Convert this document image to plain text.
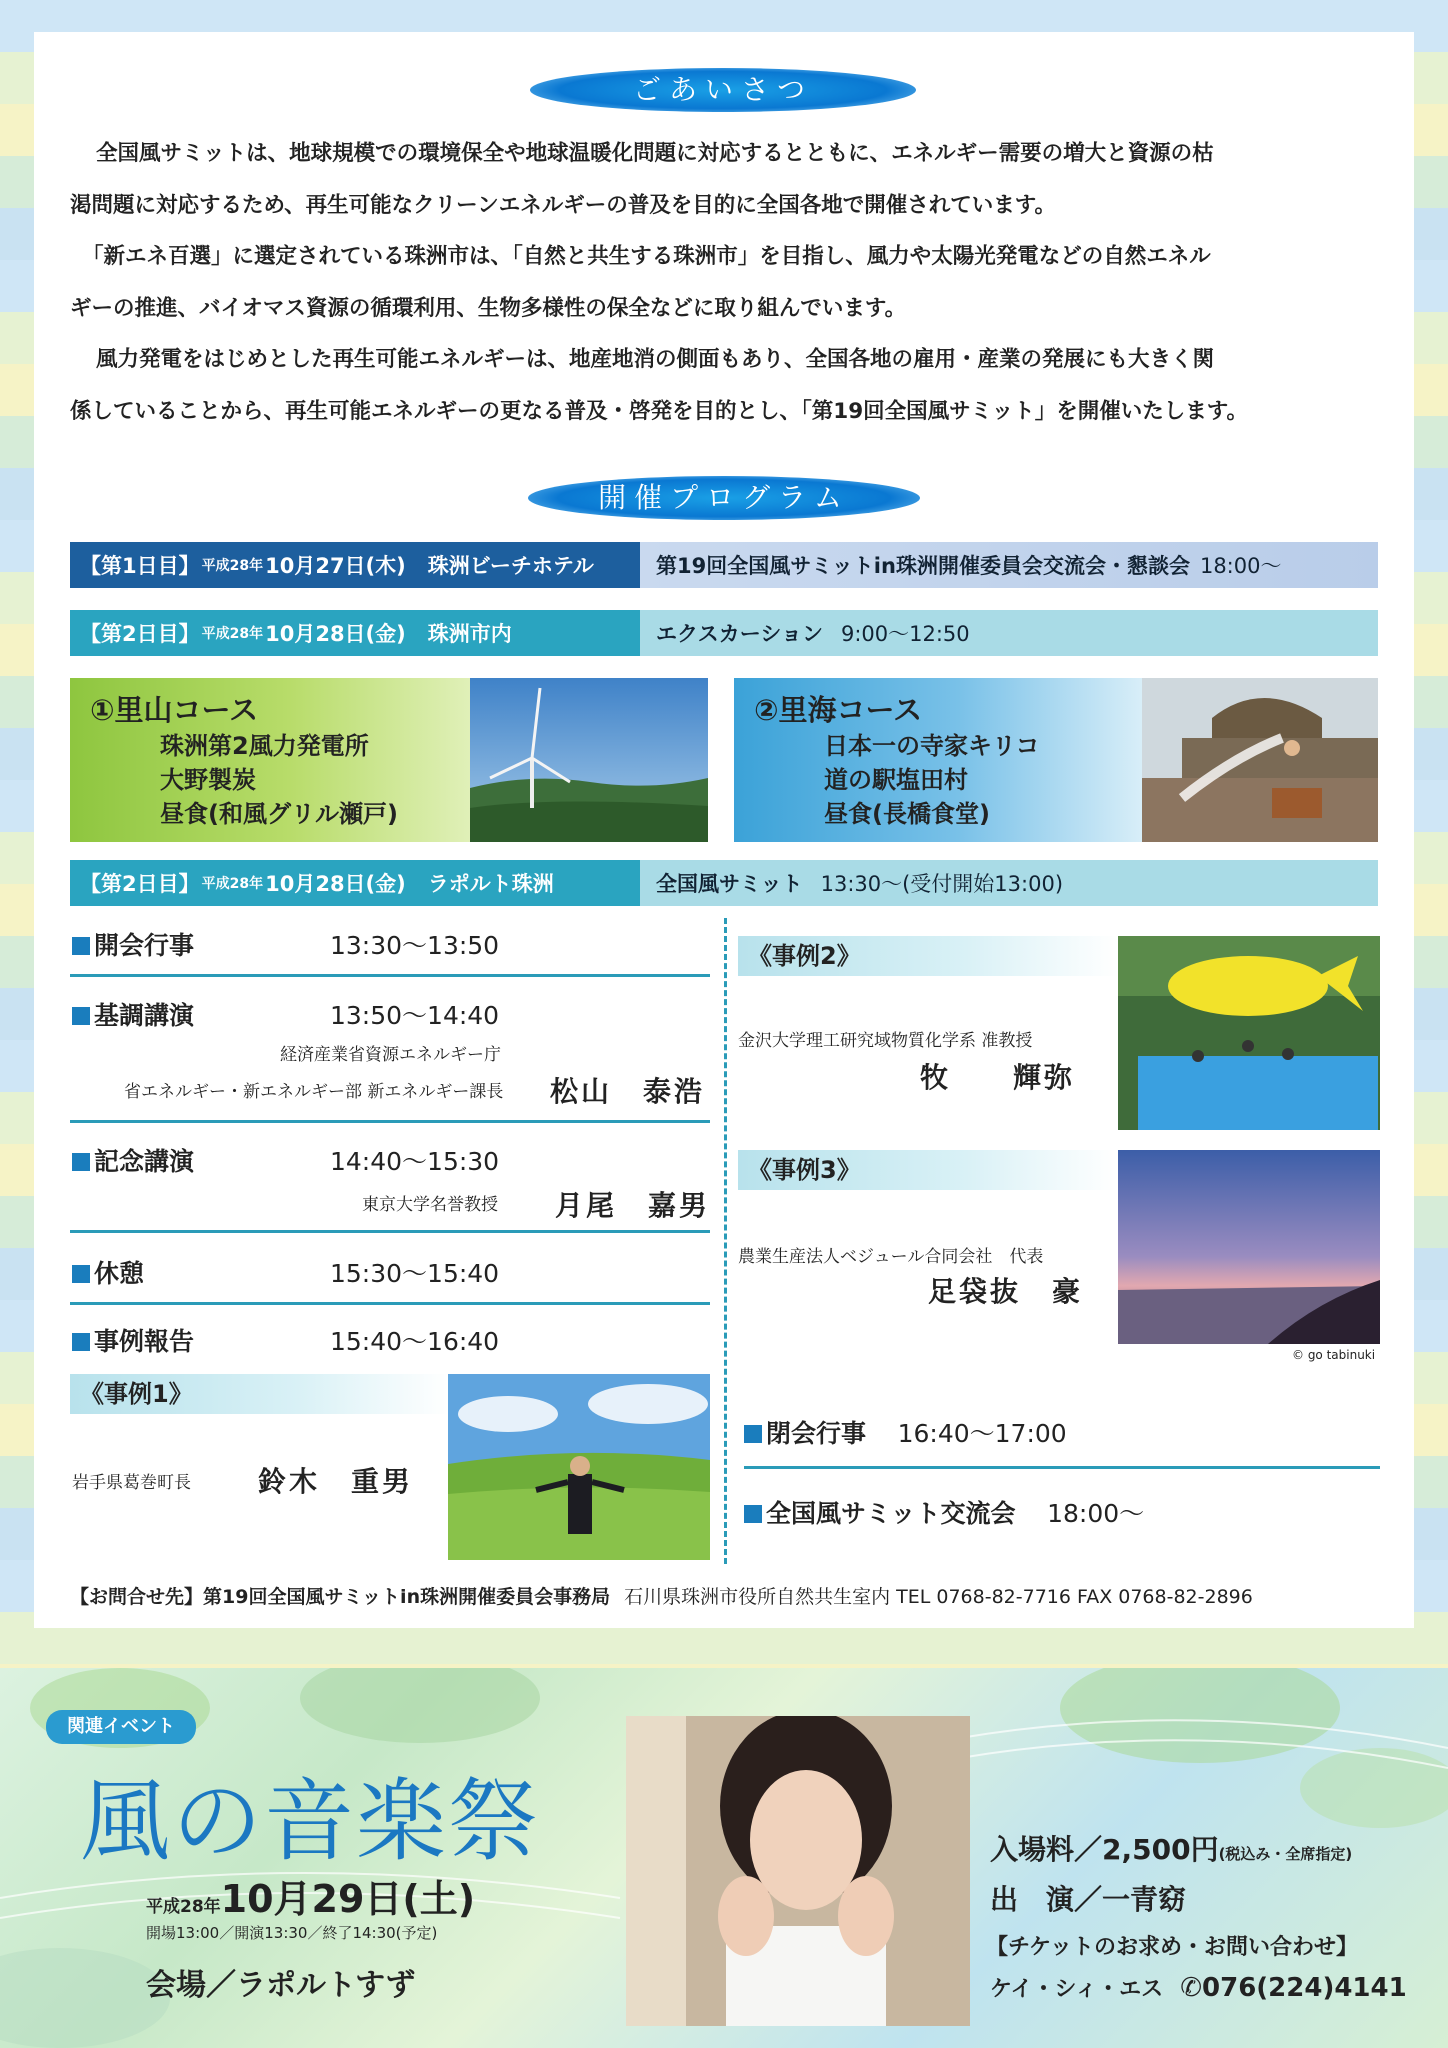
ごあいさつ

全国風サミットは、地球規模での環境保全や地球温暖化問題に対応するとともに、エネルギー需要の増大と資源の枯

渇問題に対応するため、再生可能なクリーンエネルギーの普及を目的に全国各地で開催されています。

「新エネ百選」に選定されている珠洲市は、「自然と共生する珠洲市」を目指し、風力や太陽光発電などの自然エネル

ギーの推進、バイオマス資源の循環利用、生物多様性の保全などに取り組んでいます。

風力発電をはじめとした再生可能エネルギーは、地産地消の側面もあり、全国各地の雇用・産業の発展にも大きく関

係していることから、再生可能エネルギーの更なる普及・啓発を目的とし、「第19回全国風サミット」を開催いたします。

開催プログラム
【第1日目】 平成28年 10月27日(木) 珠洲ビーチホテル	第19回全国風サミットin珠洲開催委員会交流会・懇談会 18:00〜
【第2日目】 平成28年 10月28日(金) 珠洲市内	エクスカーション 9:00〜12:50
①里山コース
珠洲第2風力発電所
大野製炭
昼食(和風グリル瀬戸)
②里海コース
日本一の寺家キリコ
道の駅塩田村
昼食(長橋食堂)
【第2日目】 平成28年 10月28日(金) ラポルト珠洲	全国風サミット 13:30〜(受付開始13:00)
開会行事	13:30〜13:50
基調講演	13:50〜14:40
経済産業省資源エネルギー庁
省エネルギー・新エネルギー部 新エネルギー課長 松山　泰浩
記念講演	14:40〜15:30
東京大学名誉教授 月尾　嘉男
休憩	15:30〜15:40
事例報告	15:40〜16:40
《事例1》
岩手県葛巻町長 鈴木　重男
《事例2》
金沢大学理工研究域物質化学系 准教授
牧　　輝弥
《事例3》
農業生産法人ベジュール合同会社　代表
足袋抜　豪
© go tabinuki
閉会行事 16:40〜17:00
全国風サミット交流会 18:00〜
【お問合せ先】第19回全国風サミットin珠洲開催委員会事務局 石川県珠洲市役所自然共生室内 TEL 0768-82-7716 FAX 0768-82-2896
関連イベント
風の音楽祭
平成28年10月29日(土)
開場13:00／開演13:30／終了14:30(予定)
会場／ラポルトすず
入場料／2,500円(税込み・全席指定)
出　演／一青窈
【チケットのお求め・お問い合わせ】
ケイ・シィ・エス ✆076(224)4141
